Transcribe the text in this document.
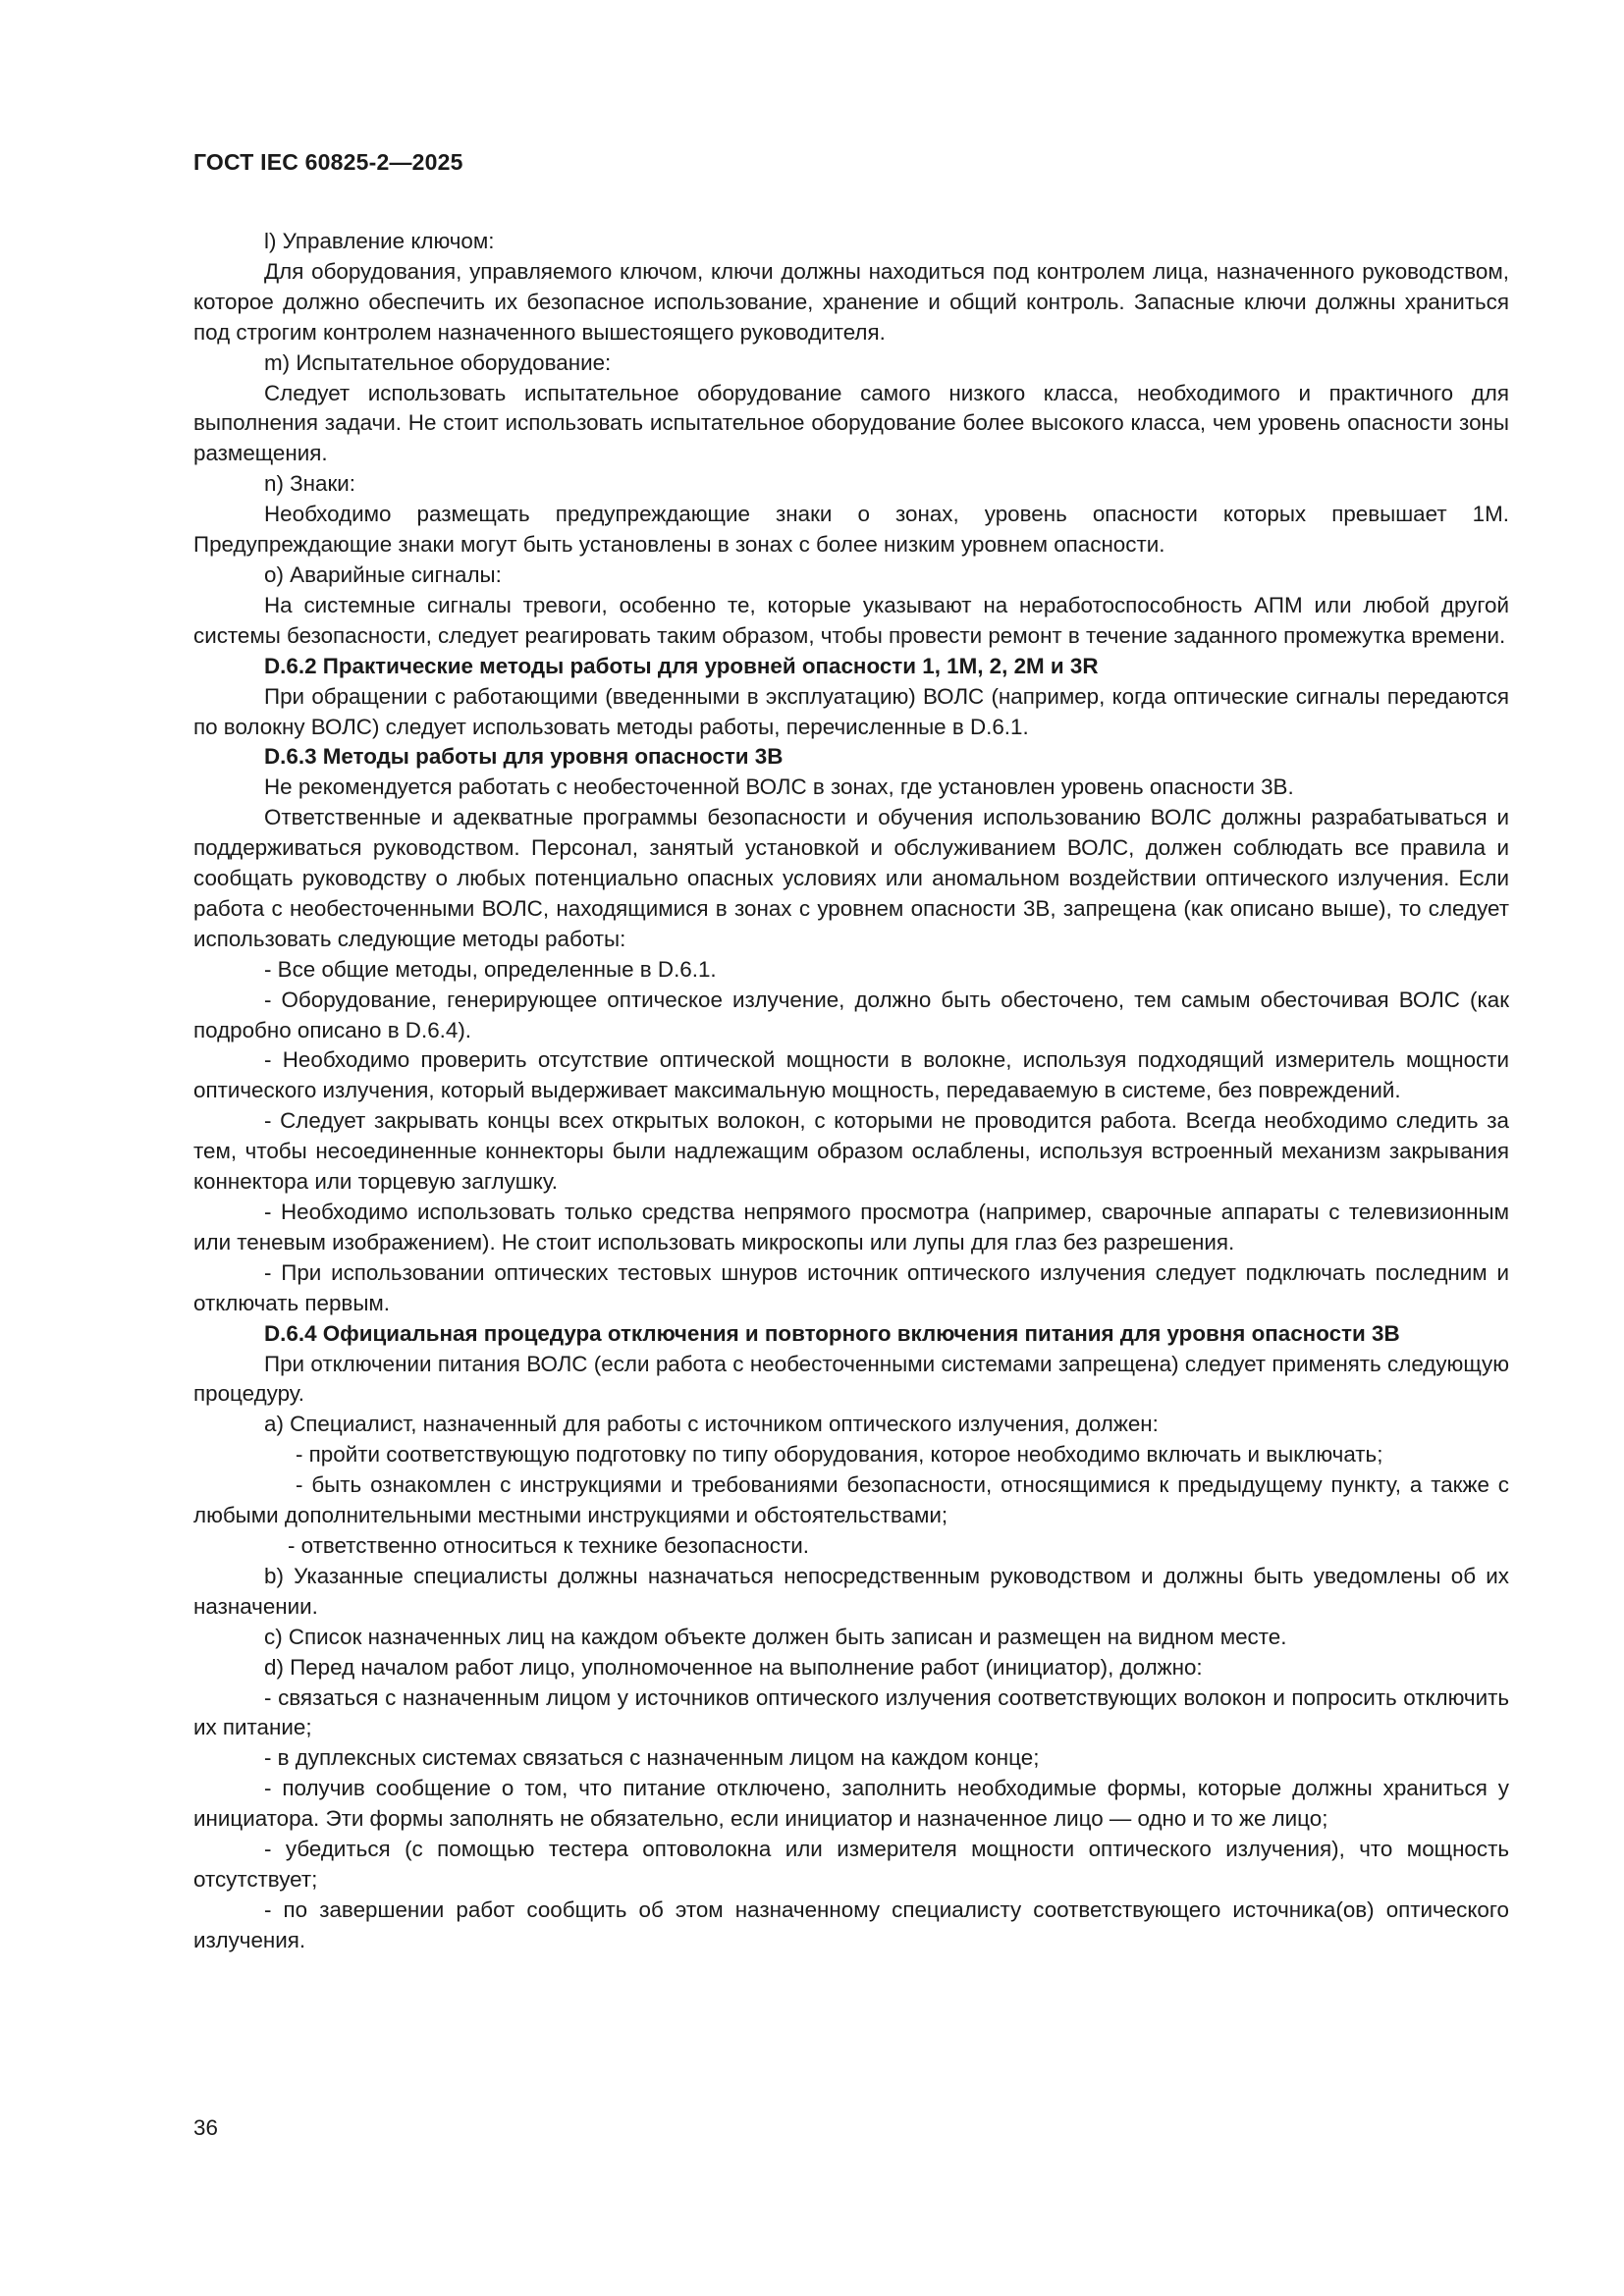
ГОСТ IEC 60825-2—2025

l) Управление ключом:

Для оборудования, управляемого ключом, ключи должны находиться под контролем лица, назначенного руководством, которое должно обеспечить их безопасное использование, хранение и общий контроль. Запасные ключи должны храниться под строгим контролем назначенного вышестоящего руководителя.

m) Испытательное оборудование:

Следует использовать испытательное оборудование самого низкого класса, необходимого и практичного для выполнения задачи. Не стоит использовать испытательное оборудование более высокого класса, чем уровень опасности зоны размещения.

n) Знаки:

Необходимо размещать предупреждающие знаки о зонах, уровень опасности которых превышает 1М. Предупреждающие знаки могут быть установлены в зонах с более низким уровнем опасности.

o) Аварийные сигналы:

На системные сигналы тревоги, особенно те, которые указывают на неработоспособность АПМ или любой другой системы безопасности, следует реагировать таким образом, чтобы провести ремонт в течение заданного промежутка времени.

D.6.2 Практические методы работы для уровней опасности 1, 1М, 2, 2М и 3R

При обращении с работающими (введенными в эксплуатацию) ВОЛС (например, когда оптические сигналы передаются по волокну ВОЛС) следует использовать методы работы, перечисленные в D.6.1.

D.6.3 Методы работы для уровня опасности 3В

Не рекомендуется работать с необесточенной ВОЛС в зонах, где установлен уровень опасности 3В.

Ответственные и адекватные программы безопасности и обучения использованию ВОЛС должны разрабатываться и поддерживаться руководством. Персонал, занятый установкой и обслуживанием ВОЛС, должен соблюдать все правила и сообщать руководству о любых потенциально опасных условиях или аномальном воздействии оптического излучения. Если работа с необесточенными ВОЛС, находящимися в зонах с уровнем опасности 3В, запрещена (как описано выше), то следует использовать следующие методы работы:

- Все общие методы, определенные в D.6.1.

- Оборудование, генерирующее оптическое излучение, должно быть обесточено, тем самым обесточивая ВОЛС (как подробно описано в D.6.4).

- Необходимо проверить отсутствие оптической мощности в волокне, используя подходящий измеритель мощности оптического излучения, который выдерживает максимальную мощность, передаваемую в системе, без повреждений.

- Следует закрывать концы всех открытых волокон, с которыми не проводится работа. Всегда необходимо следить за тем, чтобы несоединенные коннекторы были надлежащим образом ослаблены, используя встроенный механизм закрывания коннектора или торцевую заглушку.

- Необходимо использовать только средства непрямого просмотра (например, сварочные аппараты с телевизионным или теневым изображением). Не стоит использовать микроскопы или лупы для глаз без разрешения.

- При использовании оптических тестовых шнуров источник оптического излучения следует подключать последним и отключать первым.

D.6.4 Официальная процедура отключения и повторного включения питания для уровня опасности 3В

При отключении питания ВОЛС (если работа с необесточенными системами запрещена) следует применять следующую процедуру.

a) Специалист, назначенный для работы с источником оптического излучения, должен:

- пройти соответствующую подготовку по типу оборудования, которое необходимо включать и выключать;

- быть ознакомлен с инструкциями и требованиями безопасности, относящимися к предыдущему пункту, а также с любыми дополнительными местными инструкциями и обстоятельствами;

- ответственно относиться к технике безопасности.

b) Указанные специалисты должны назначаться непосредственным руководством и должны быть уведомлены об их назначении.

c) Список назначенных лиц на каждом объекте должен быть записан и размещен на видном месте.

d) Перед началом работ лицо, уполномоченное на выполнение работ (инициатор), должно:

- связаться с назначенным лицом у источников оптического излучения соответствующих волокон и попросить отключить их питание;

- в дуплексных системах связаться с назначенным лицом на каждом конце;

- получив сообщение о том, что питание отключено, заполнить необходимые формы, которые должны храниться у инициатора. Эти формы заполнять не обязательно, если инициатор и назначенное лицо — одно и то же лицо;

- убедиться (с помощью тестера оптоволокна или измерителя мощности оптического излучения), что мощность отсутствует;

- по завершении работ сообщить об этом назначенному специалисту соответствующего источника(ов) оптического излучения.

36
